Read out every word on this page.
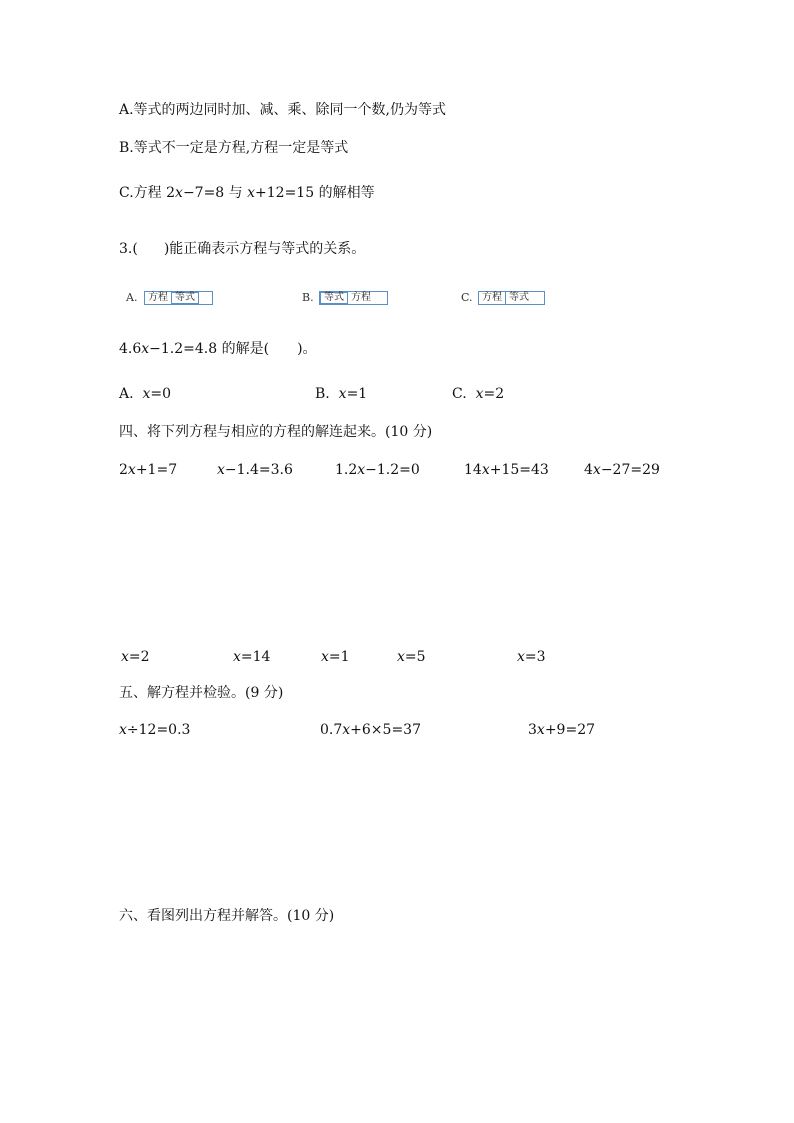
A.等式的两边同时加、减、乘、除同一个数,仍为等式
B.等式不一定是方程,方程一定是等式
C.方程 2x−7=8 与 x+12=15 的解相等
3.( )能正确表示方程与等式的关系。
A.	方程 等式	B.	等式 方程	C. 方程 等式
4.6x−1.2=4.8 的解是( )。
A. x=0	B. x=1	C. x=2
四、将下列方程与相应的方程的解连起来。(10 分)
2x+1=7	x−1.4=3.6	1.2x−1.2=0	14x+15=43	4x−27=29
x=2	x=14	x=1	x=5	x=3
五、解方程并检验。(9 分)
x÷12=0.3	0.7x+6×5=37	3x+9=27
六、看图列出方程并解答。(10 分)
